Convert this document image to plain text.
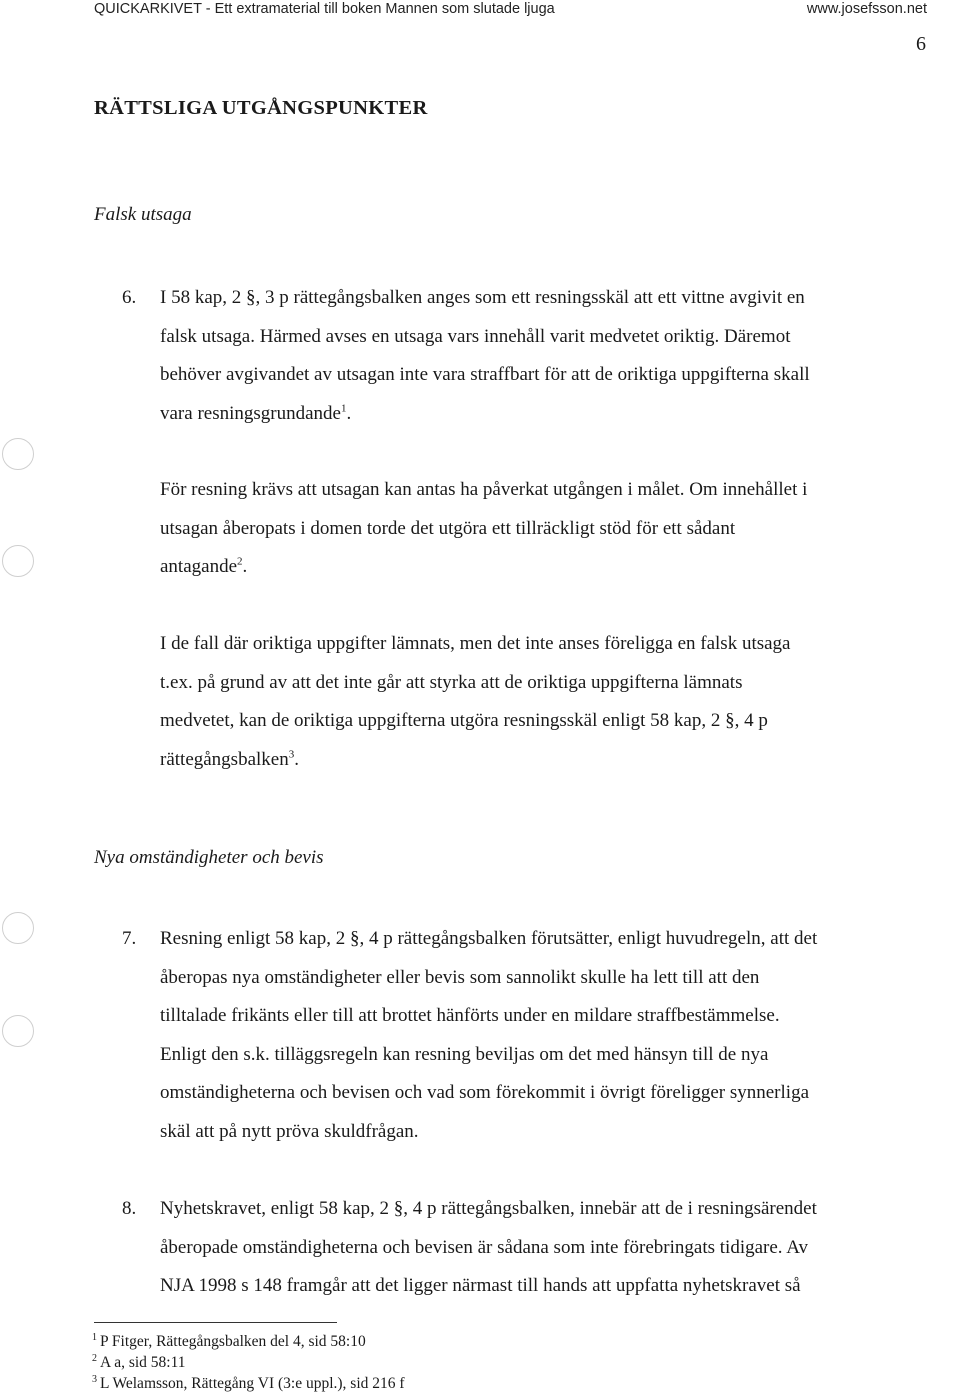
QUICKARKIVET - Ett extramaterial till boken Mannen som slutade ljuga	www.josefsson.net
6
RÄTTSLIGA UTGÅNGSPUNKTER
Falsk utsaga
6. I 58 kap, 2 §, 3 p rättegångsbalken anges som ett resningsskäl att ett vittne avgivit en
falsk utsaga. Härmed avses en utsaga vars innehåll varit medvetet oriktig. Däremot
behöver avgivandet av utsagan inte vara straffbart för att de oriktiga uppgifterna skall
vara resningsgrundande$^1$.
För resning krävs att utsagan kan antas ha påverkat utgången i målet. Om innehållet i
utsagan åberopats i domen torde det utgöra ett tillräckligt stöd för ett sådant
antagande$^2$.
I de fall där oriktiga uppgifter lämnats, men det inte anses föreligga en falsk utsaga
t.ex. på grund av att det inte går att styrka att de oriktiga uppgifterna lämnats
medvetet, kan de oriktiga uppgifterna utgöra resningsskäl enligt 58 kap, 2 §, 4 p
rättegångsbalken$^3$.
Nya omständigheter och bevis
7. Resning enligt 58 kap, 2 §, 4 p rättegångsbalken förutsätter, enligt huvudregeln, att det
åberopas nya omständigheter eller bevis som sannolikt skulle ha lett till att den
tilltalade frikänts eller till att brottet hänförts under en mildare straffbestämmelse.
Enligt den s.k. tilläggsregeln kan resning beviljas om det med hänsyn till de nya
omständigheterna och bevisen och vad som förekommit i övrigt föreligger synnerliga
skäl att på nytt pröva skuldfrågan.
8. Nyhetskravet, enligt 58 kap, 2 §, 4 p rättegångsbalken, innebär att de i resningsärendet
åberopade omständigheterna och bevisen är sådana som inte förebringats tidigare. Av
NJA 1998 s 148 framgår att det ligger närmast till hands att uppfatta nyhetskravet så
$^1$ P Fitger, Rättegångsbalken del 4, sid 58:10
$^2$ A a, sid 58:11
$^3$ L Welamsson, Rättegång VI (3:e uppl.), sid 216 f
